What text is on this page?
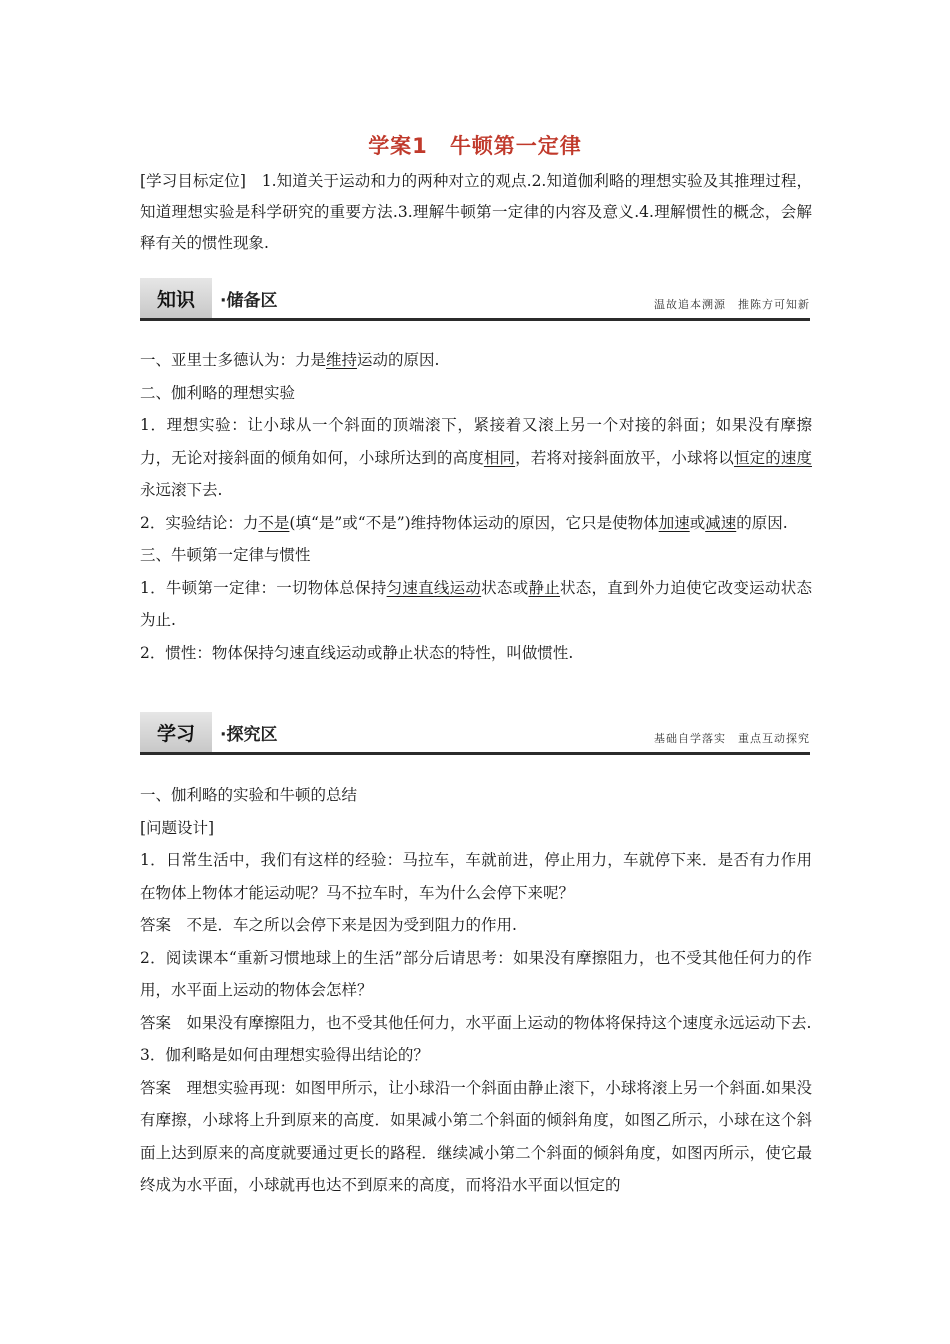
学案1 牛顿第一定律
[学习目标定位]　1.知道关于运动和力的两种对立的观点.2.知道伽利略的理想实验及其推理过程，知道理想实验是科学研究的重要方法.3.理解牛顿第一定律的内容及意义.4.理解惯性的概念，会解释有关的惯性现象.
知识	·储备区	温故追本溯源　推陈方可知新

一、亚里士多德认为：力是维持运动的原因.

二、伽利略的理想实验

1．理想实验：让小球从一个斜面的顶端滚下，紧接着又滚上另一个对接的斜面；如果没有摩擦力，无论对接斜面的倾角如何，小球所达到的高度相同，若将对接斜面放平，小球将以恒定的速度永远滚下去.

2．实验结论：力不是(填“是”或“不是”)维持物体运动的原因，它只是使物体加速或减速的原因.

三、牛顿第一定律与惯性

1．牛顿第一定律：一切物体总保持匀速直线运动状态或静止状态，直到外力迫使它改变运动状态为止.

2．惯性：物体保持匀速直线运动或静止状态的特性，叫做惯性.

学习	·探究区	基础自学落实　重点互动探究

一、伽利略的实验和牛顿的总结

[问题设计]

1．日常生活中，我们有这样的经验：马拉车，车就前进，停止用力，车就停下来．是否有力作用在物体上物体才能运动呢？马不拉车时，车为什么会停下来呢？

答案　不是．车之所以会停下来是因为受到阻力的作用.

2．阅读课本“重新习惯地球上的生活”部分后请思考：如果没有摩擦阻力，也不受其他任何力的作用，水平面上运动的物体会怎样？

答案　如果没有摩擦阻力，也不受其他任何力，水平面上运动的物体将保持这个速度永远运动下去.

3．伽利略是如何由理想实验得出结论的？

答案　理想实验再现：如图甲所示，让小球沿一个斜面由静止滚下，小球将滚上另一个斜面.如果没有摩擦，小球将上升到原来的高度．如果减小第二个斜面的倾斜角度，如图乙所示，小球在这个斜面上达到原来的高度就要通过更长的路程．继续减小第二个斜面的倾斜角度，如图丙所示，使它最终成为水平面，小球就再也达不到原来的高度，而将沿水平面以恒定的
